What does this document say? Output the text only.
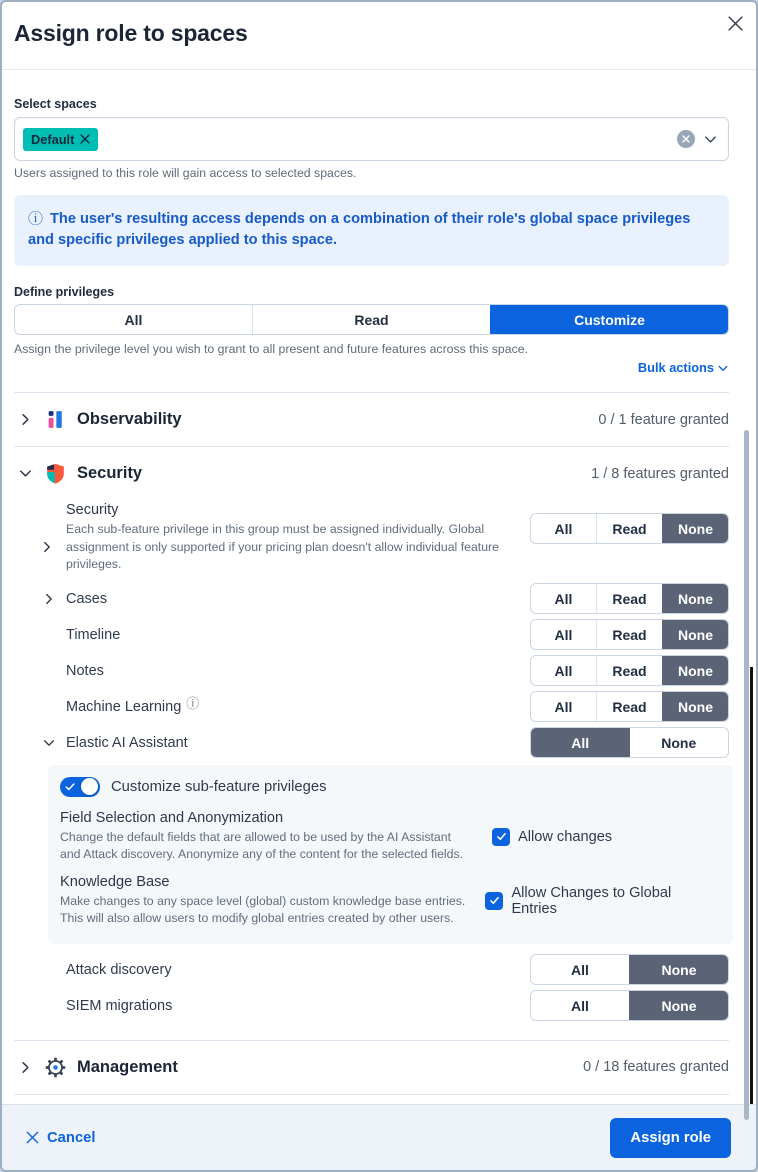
Assign role to spaces
Select spaces
Default
Users assigned to this role will gain access to selected spaces.
ⓘ The user's resulting access depends on a combination of their role's global space privileges and specific privileges applied to this space.
Define privileges
All	Read	Customize
Assign the privilege level you wish to grant to all present and future features across this space.
Bulk actions
Observability	0 / 1 feature granted
Security	1 / 8 features granted
Security
Each sub-feature privilege in this group must be assigned individually. Global assignment is only supported if your pricing plan doesn't allow individual feature privileges.
All	Read	None
Cases	All	Read	None
Timeline	All	Read	None
Notes	All	Read	None
Machine Learning ⓘ	All	Read	None
Elastic AI Assistant	All	None
Customize sub-feature privileges
Field Selection and Anonymization
Change the default fields that are allowed to be used by the AI Assistant and Attack discovery. Anonymize any of the content for the selected fields.
Allow changes
Knowledge Base
Make changes to any space level (global) custom knowledge base entries. This will also allow users to modify global entries created by other users.
Allow Changes to Global Entries
Attack discovery	All	None
SIEM migrations	All	None
Management	0 / 18 features granted
Cancel	Assign role
